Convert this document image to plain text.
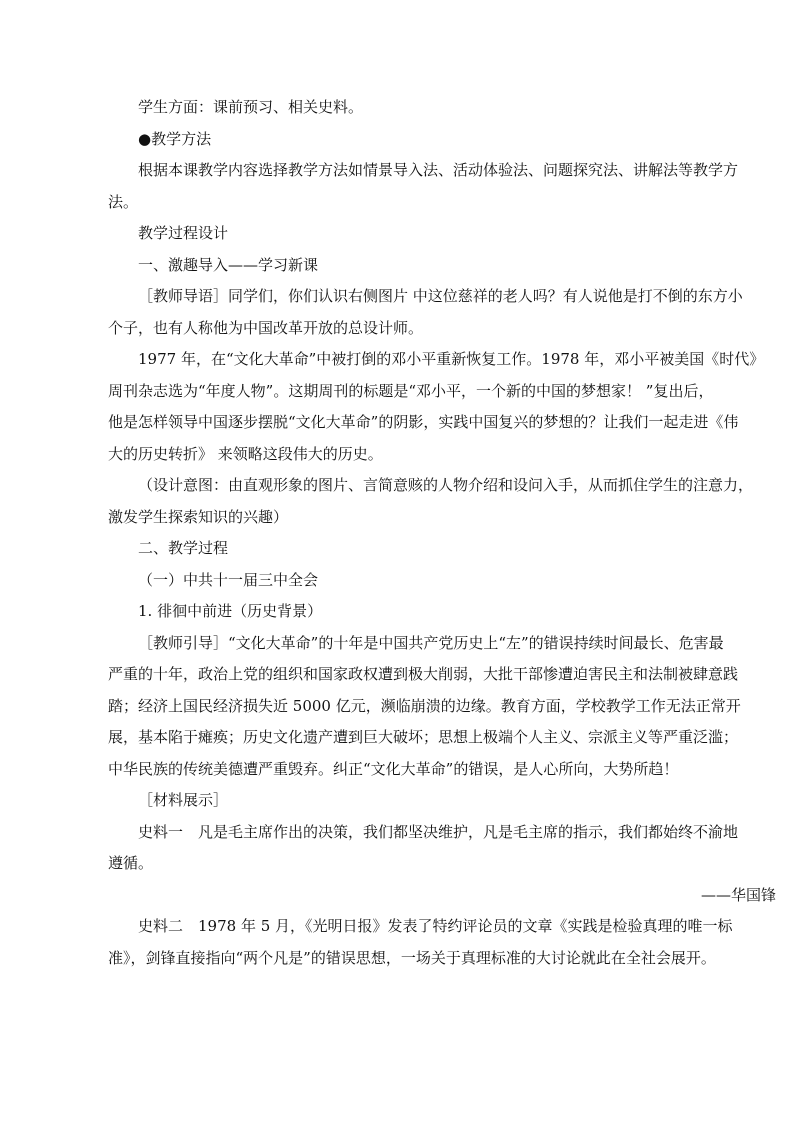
学生方面：课前预习、相关史料。

●教学方法

根据本课教学内容选择教学方法如情景导入法、活动体验法、问题探究法、讲解法等教学方

法。

教学过程设计

一、激趣导入——学习新课

［教师导语］同学们，你们认识右侧图片 中这位慈祥的老人吗？有人说他是打不倒的东方小

个子，也有人称他为中国改革开放的总设计师。

1977 年，在“文化大革命”中被打倒的邓小平重新恢复工作。1978 年，邓小平被美国《时代》

周刊杂志选为“年度人物”。这期周刊的标题是“邓小平，一个新的中国的梦想家！ ”复出后，

他是怎样领导中国逐步摆脱“文化大革命”的阴影，实践中国复兴的梦想的？让我们一起走进《伟

大的历史转折》 来领略这段伟大的历史。

（设计意图：由直观形象的图片、言简意赅的人物介绍和设问入手，从而抓住学生的注意力，

激发学生探索知识的兴趣）

二、教学过程

（一）中共十一届三中全会

1. 徘徊中前进（历史背景）

［教师引导］“文化大革命”的十年是中国共产党历史上“左”的错误持续时间最长、危害最

严重的十年，政治上党的组织和国家政权遭到极大削弱，大批干部惨遭迫害民主和法制被肆意践

踏；经济上国民经济损失近 5000 亿元，濒临崩溃的边缘。教育方面，学校教学工作无法正常开

展，基本陷于瘫痪；历史文化遗产遭到巨大破坏；思想上极端个人主义、宗派主义等严重泛滥；

中华民族的传统美德遭严重毁弃。纠正“文化大革命”的错误，是人心所向，大势所趋！

［材料展示］

史料一　凡是毛主席作出的决策，我们都坚决维护，凡是毛主席的指示，我们都始终不渝地

遵循。

——华国锋

史料二　1978 年 5 月，《光明日报》发表了特约评论员的文章《实践是检验真理的唯一标

准》，剑锋直接指向“两个凡是”的错误思想，一场关于真理标准的大讨论就此在全社会展开。
